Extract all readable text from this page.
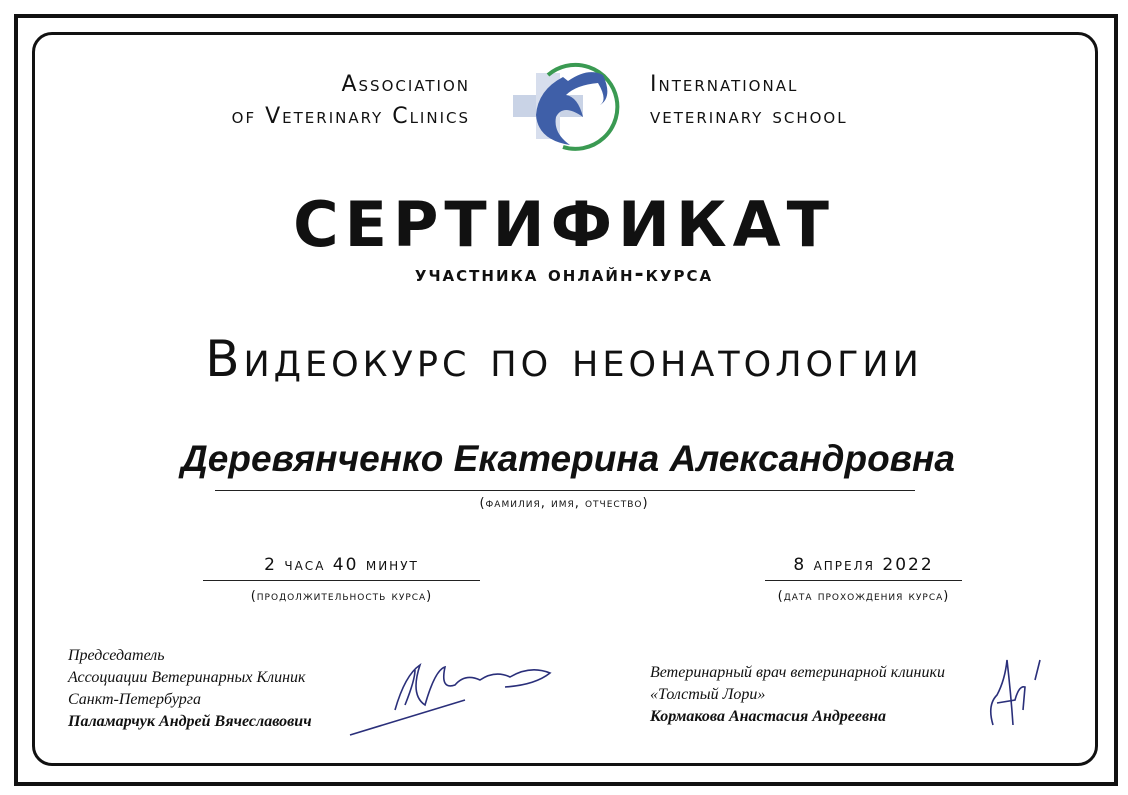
Association
of Veterinary Clinics
International
veterinary school
СЕРТИФИКАТ
участника онлайн-курса
Видеокурс по неонатологии
Деревянченко Екатерина Александровна
(фамилия, имя, отчество)
2 часа 40 минут
(продолжительность курса)
8 апреля 2022
(дата прохождения курса)
Председатель
Ассоциации Ветеринарных Клиник
Санкт-Петербурга
Паламарчук Андрей Вячеславович
Ветеринарный врач ветеринарной клиники
«Толстый Лори»
Кормакова Анастасия Андреевна
